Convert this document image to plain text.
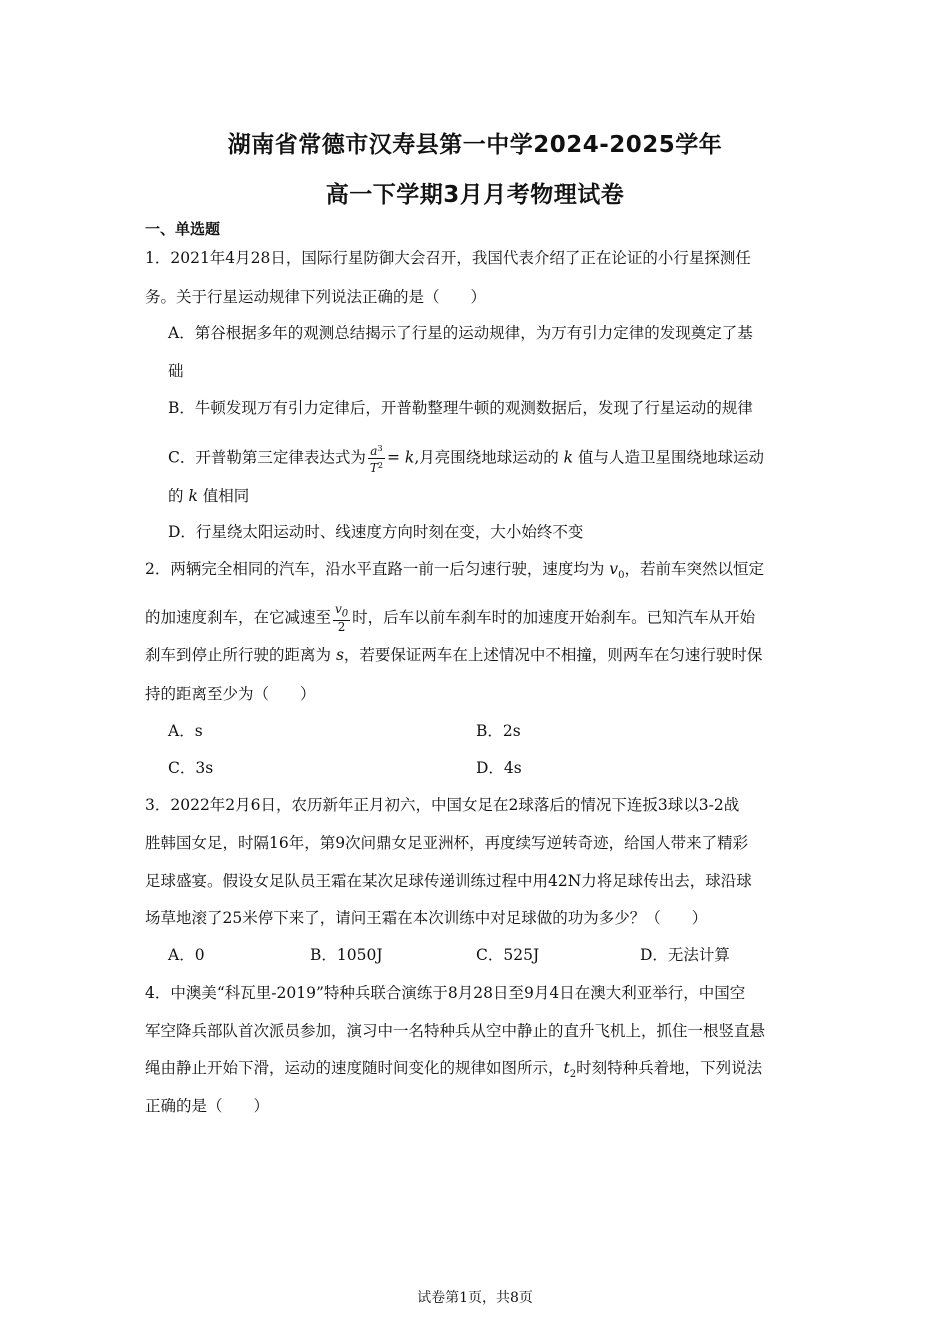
湖南省常德市汉寿县第一中学2024-2025学年
高一下学期3月月考物理试卷
一、单选题
1．2021年4月28日，国际行星防御大会召开，我国代表介绍了正在论证的小行星探测任
务。关于行星运动规律下列说法正确的是（　　）
A．第谷根据多年的观测总结揭示了行星的运动规律，为万有引力定律的发现奠定了基
础
B．牛顿发现万有引力定律后，开普勒整理牛顿的观测数据后，发现了行星运动的规律
C．开普勒第三定律表达式为 $\frac{a^3}{T^2} = k$,月亮围绕地球运动的 k 值与人造卫星围绕地球运动
的 k 值相同
D．行星绕太阳运动时、线速度方向时刻在变，大小始终不变
2．两辆完全相同的汽车，沿水平直路一前一后匀速行驶，速度均为 $v_0$，若前车突然以恒定
的加速度刹车，在它减速至 $\frac{v_0}{2}$ 时，后车以前车刹车时的加速度开始刹车。已知汽车从开始
刹车到停止所行驶的距离为 s，若要保证两车在上述情况中不相撞，则两车在匀速行驶时保
持的距离至少为（　　）
A．s	B．2s
C．3s	D．4s
3．2022年2月6日，农历新年正月初六，中国女足在2球落后的情况下连扳3球以3-2战
胜韩国女足，时隔16年，第9次问鼎女足亚洲杯，再度续写逆转奇迹，给国人带来了精彩
足球盛宴。假设女足队员王霜在某次足球传递训练过程中用42N力将足球传出去，球沿球
场草地滚了25米停下来了，请问王霜在本次训练中对足球做的功为多少？（　　）
A．0	B．1050J	C．525J	D．无法计算
4．中澳美“科瓦里-2019”特种兵联合演练于8月28日至9月4日在澳大利亚举行，中国空
军空降兵部队首次派员参加，演习中一名特种兵从空中静止的直升飞机上，抓住一根竖直悬
绳由静止开始下滑，运动的速度随时间变化的规律如图所示，$t_2$时刻特种兵着地，下列说法
正确的是（　　）
试卷第1页，共8页
